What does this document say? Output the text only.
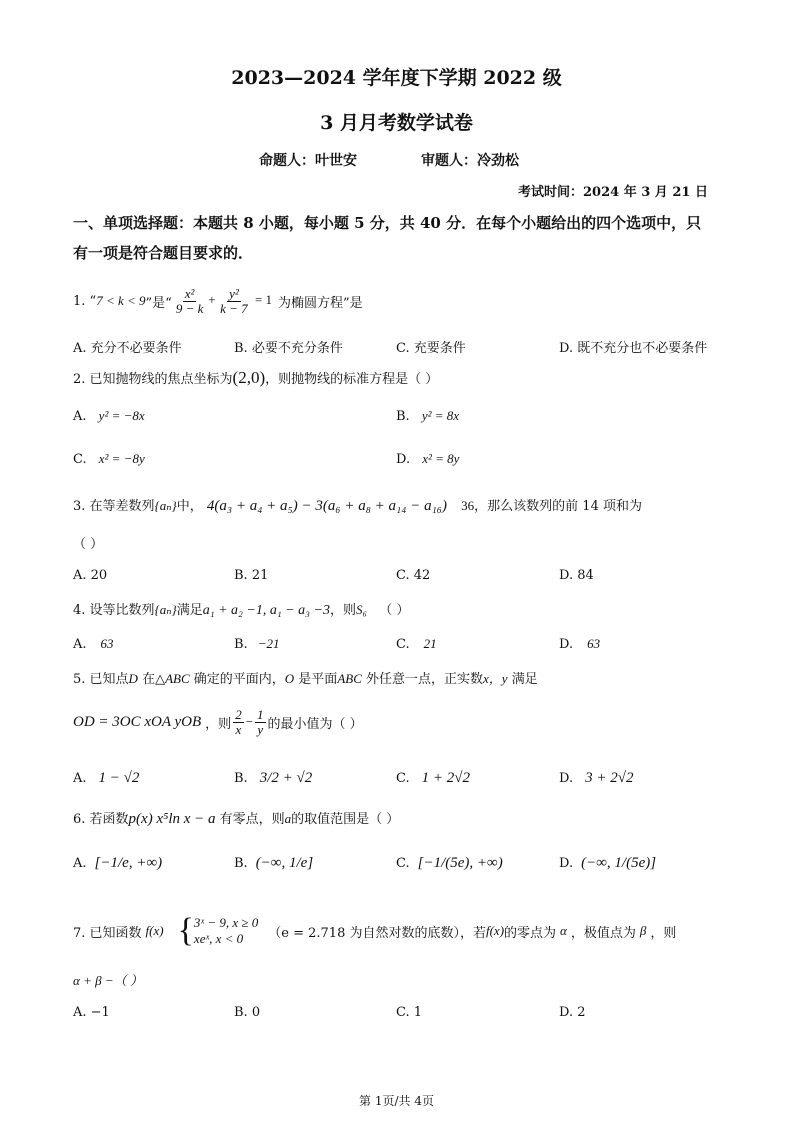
2023—2024 学年度下学期 2022 级
3 月月考数学试卷
命题人：叶世安	审题人：冷劲松
考试时间：2024 年 3 月 21 日
一、单项选择题：本题共 8 小题，每小题 5 分，共 40 分．在每个小题给出的四个选项中，只
有一项是符合题目要求的．
1. “ 7 < k < 9 ”是“ $\frac{\text{x²}}{9 - k} + \frac{\text{y²}}{k - 7} = 1$ 为椭圆方程”是
A. 充分不必要条件	B. 必要不充分条件	C. 充要条件	D. 既不充分也不必要条件
2. 已知抛物线的焦点坐标为(2,0)，则抛物线的标准方程是（ ）
A. y² = −8x	B. y² = 8x
C. x² = −8y	D. x² = 8y
3. 在等差数列{aₙ}中， 4(a₃ + a₄ + a₅) − 3(a₆ + a₈ + a₁₄ − a₁₆) 36，那么该数列的前 14 项和为
（ ）
A. 20	B. 21	C. 42	D. 84
4. 设等比数列{aₙ}满足a₁ + a₂ −1, a₁ − a₃ −3，则S₆ （ ）
A. 63	B. −21	C. 21	D. 63
5. 已知点D 在△ABC 确定的平面内，O 是平面ABC 外任意一点，正实数x，y 满足
OD = 3OC xOA yOB ，则 $\frac{2}{x} - \frac{1}{y}$ 的最小值为（ ）
A. 1 − √2	B. 3/2 + √2	C. 1 + 2√2	D. 3 + 2√2
6. 若函数p(x) x⁵ln x − a 有零点，则a的取值范围是（ ）
A. [−1/e, +∞)	B. (−∞, 1/e]	C. [−1/(5e), +∞)	D. (−∞, 1/(5e)]
7. 已知函数 f(x) { 3ˣ − 9, x ≥ 0
xeˣ, x < 0	（e = 2.718 为自然对数的底数），若 f(x) 的零点为 α ，极值点为 β ，则
α + β −（ ）
A. −1	B. 0	C. 1	D. 2
第 1页/共 4页
